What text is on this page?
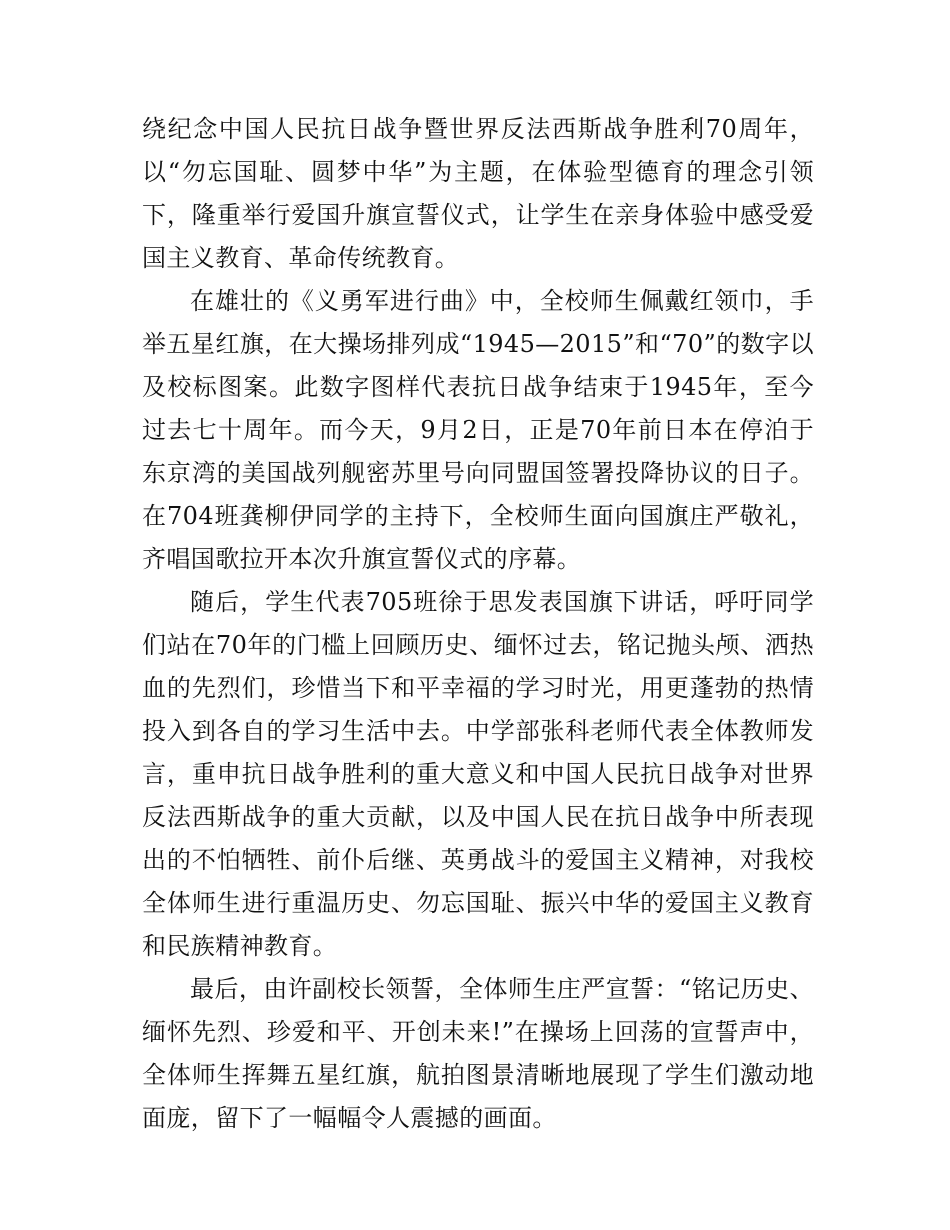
绕纪念中国人民抗日战争暨世界反法西斯战争胜利70周年，以“勿忘国耻、圆梦中华”为主题，在体验型德育的理念引领下，隆重举行爱国升旗宣誓仪式，让学生在亲身体验中感受爱国主义教育、革命传统教育。

在雄壮的《义勇军进行曲》中，全校师生佩戴红领巾，手举五星红旗，在大操场排列成“1945—2015”和“70”的数字以及校标图案。此数字图样代表抗日战争结束于1945年，至今过去七十周年。而今天，9月2日，正是70年前日本在停泊于东京湾的美国战列舰密苏里号向同盟国签署投降协议的日子。在704班龚柳伊同学的主持下，全校师生面向国旗庄严敬礼，齐唱国歌拉开本次升旗宣誓仪式的序幕。

随后，学生代表705班徐于思发表国旗下讲话，呼吁同学们站在70年的门槛上回顾历史、缅怀过去，铭记抛头颅、洒热血的先烈们，珍惜当下和平幸福的学习时光，用更蓬勃的热情投入到各自的学习生活中去。中学部张科老师代表全体教师发言，重申抗日战争胜利的重大意义和中国人民抗日战争对世界反法西斯战争的重大贡献，以及中国人民在抗日战争中所表现出的不怕牺牲、前仆后继、英勇战斗的爱国主义精神，对我校全体师生进行重温历史、勿忘国耻、振兴中华的爱国主义教育和民族精神教育。

最后，由许副校长领誓，全体师生庄严宣誓：“铭记历史、缅怀先烈、珍爱和平、开创未来!”在操场上回荡的宣誓声中，全体师生挥舞五星红旗，航拍图景清晰地展现了学生们激动地面庞，留下了一幅幅令人震撼的画面。
